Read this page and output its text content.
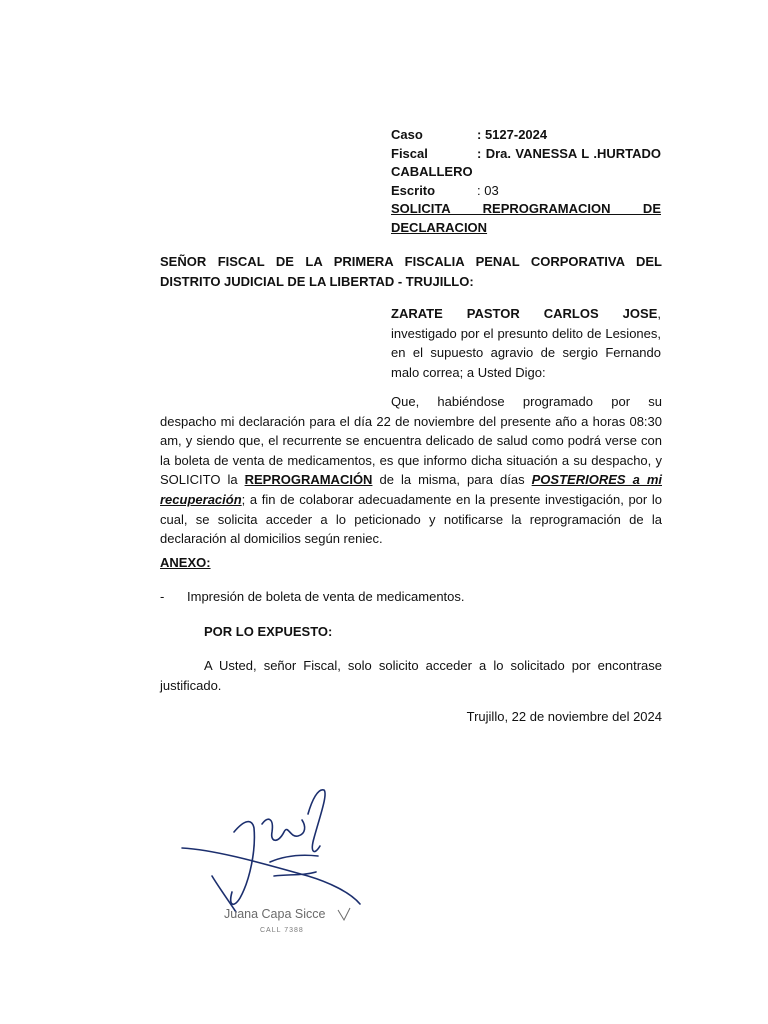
Caso	: 5127-2024
Fiscal	: Dra. VANESSA L .HURTADO
CABALLERO
Escrito	: 03
SOLICITA REPROGRAMACION DE
DECLARACION
SEÑOR FISCAL DE LA PRIMERA FISCALIA PENAL CORPORATIVA DEL DISTRITO JUDICIAL DE LA LIBERTAD - TRUJILLO:
ZARATE PASTOR CARLOS JOSE, investigado por el presunto delito de Lesiones, en el supuesto agravio de sergio Fernando malo correa; a Usted Digo:
Que, habiéndose programado por su despacho mi declaración para el día 22 de noviembre del presente año a horas 08:30 am, y siendo que, el recurrente se encuentra delicado de salud como podrá verse con la boleta de venta de medicamentos, es que informo dicha situación a su despacho, y SOLICITO la REPROGRAMACIÓN de la misma, para días POSTERIORES a mi recuperación; a fin de colaborar adecuadamente en la presente investigación, por lo cual, se solicita acceder a lo peticionado y notificarse la reprogramación de la declaración al domicilios según reniec.
ANEXO:
- Impresión de boleta de venta de medicamentos.
POR LO EXPUESTO:
A Usted, señor Fiscal, solo solicito acceder a lo solicitado por encontrase justificado.
Trujillo, 22 de noviembre del 2024
Juana Capa Sicce
CALL 7388
